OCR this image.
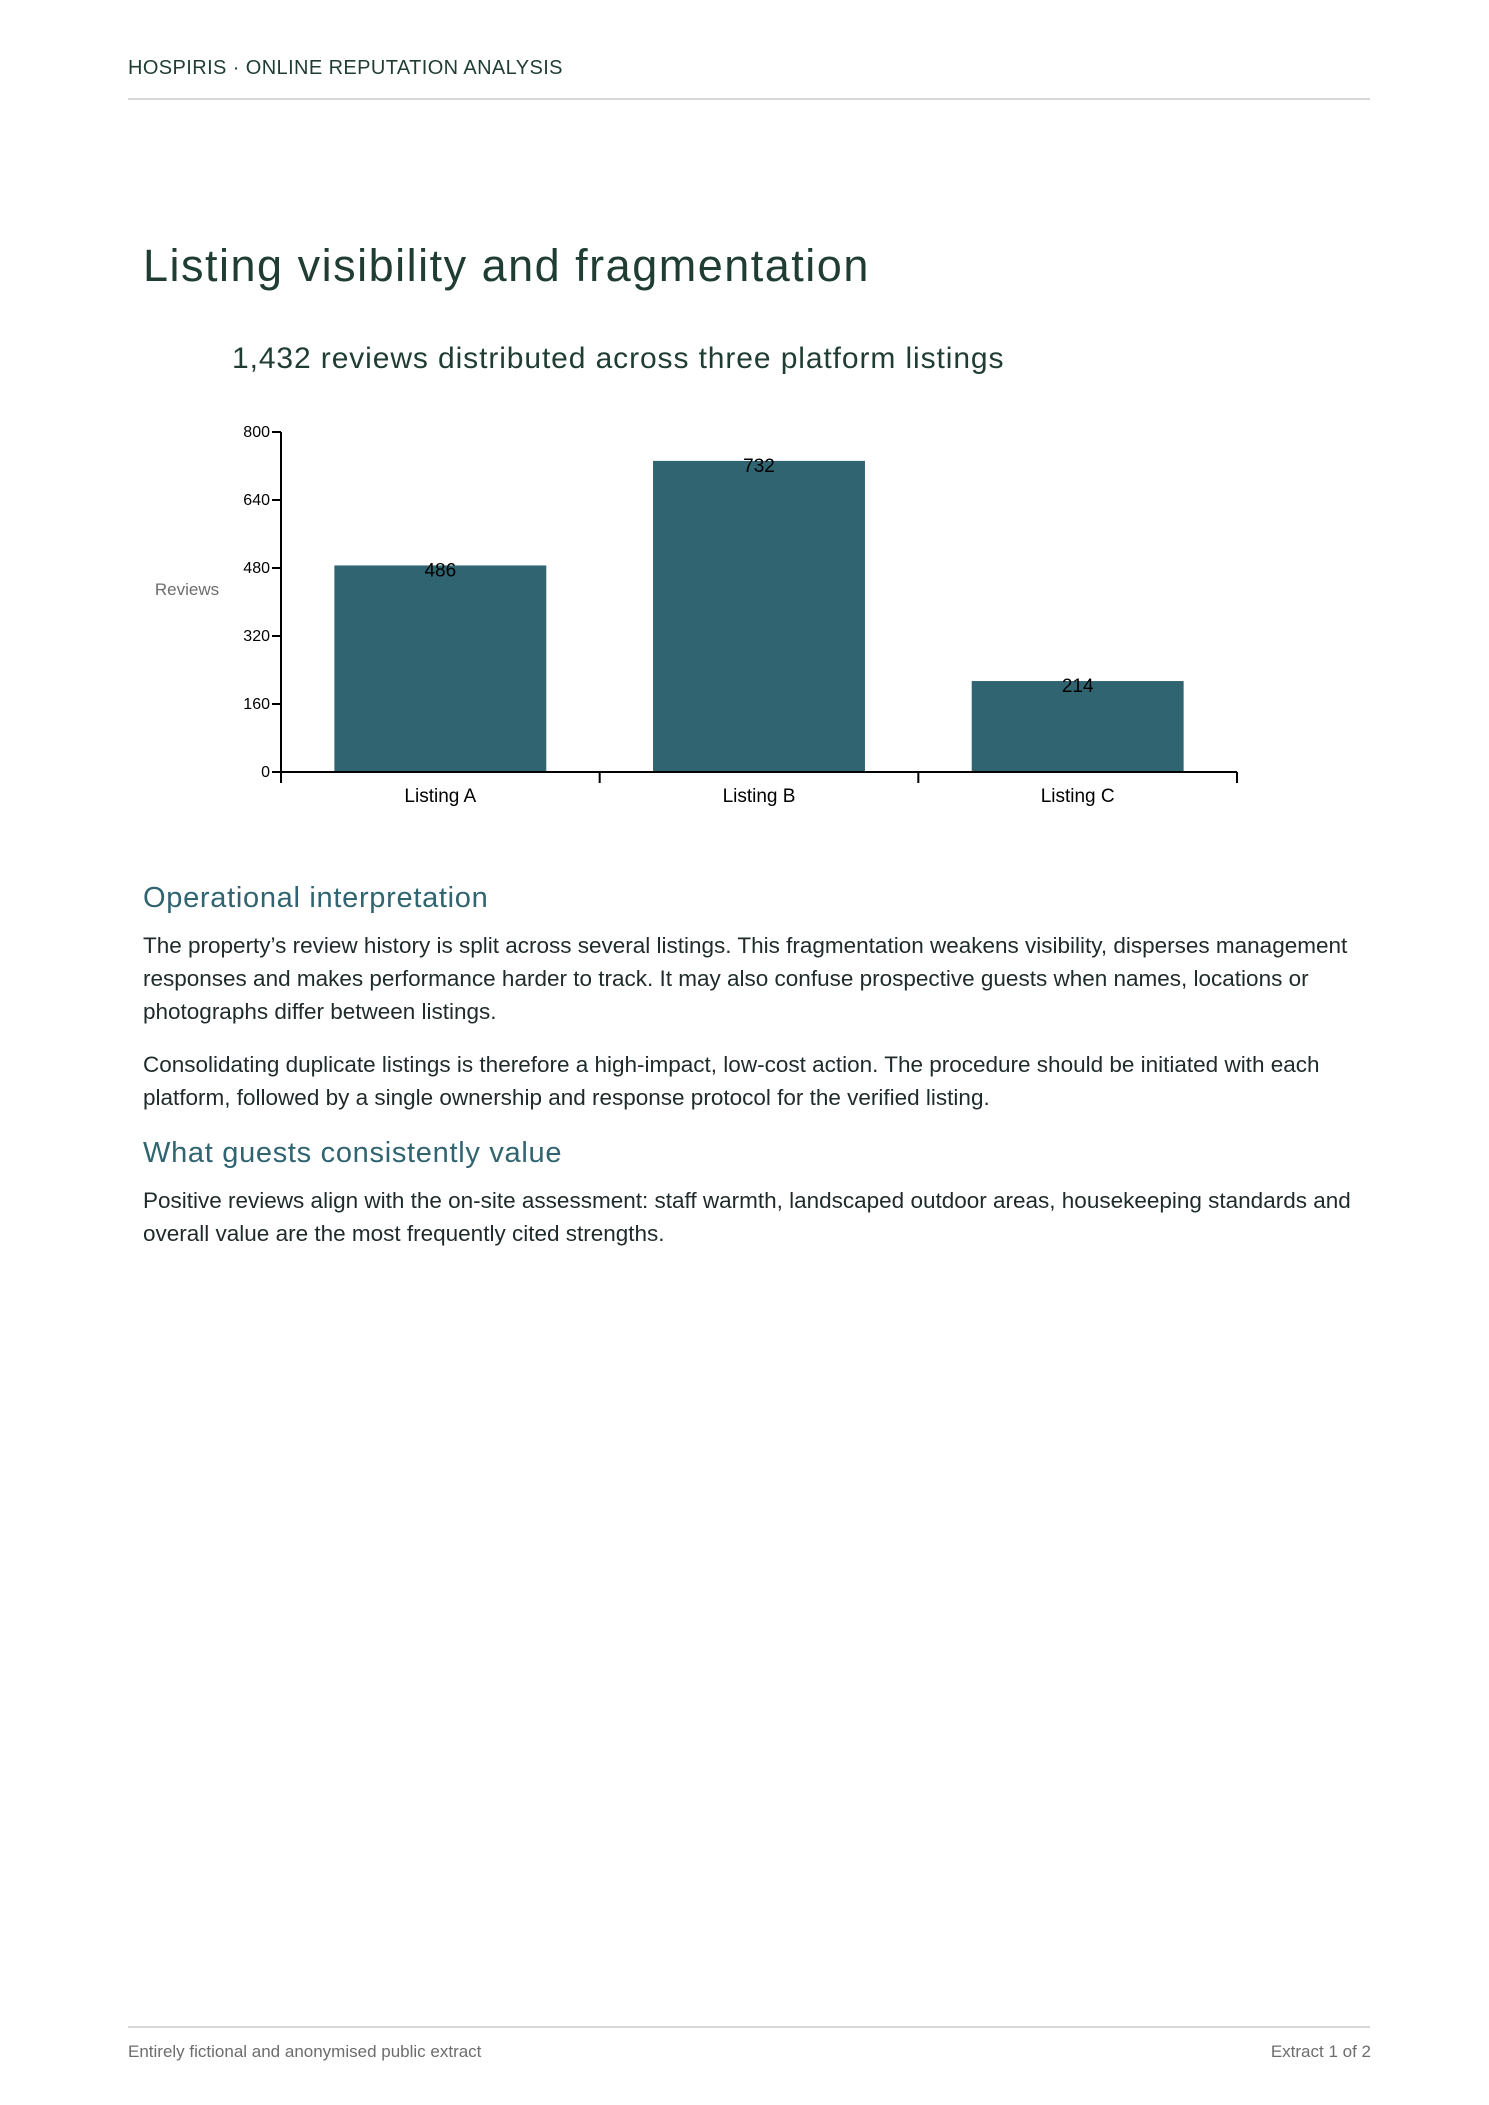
HOSPIRIS · ONLINE REPUTATION ANALYSIS
Listing visibility and fragmentation
1,432 reviews distributed across three platform listings
0
160
320
480
640
800
Reviews
486
732
214
Listing A	Listing B	Listing C
Operational interpretation

The property’s review history is split across several listings. This fragmentation weakens visibility, disperses management responses and makes performance harder to track. It may also confuse prospective guests when names, locations or photographs differ between listings.

Consolidating duplicate listings is therefore a high-impact, low-cost action. The procedure should be initiated with each platform, followed by a single ownership and response protocol for the verified listing.

What guests consistently value

Positive reviews align with the on-site assessment: staff warmth, landscaped outdoor areas, housekeeping standards and overall value are the most frequently cited strengths.

Entirely fictional and anonymised public extract	Extract 1 of 2
